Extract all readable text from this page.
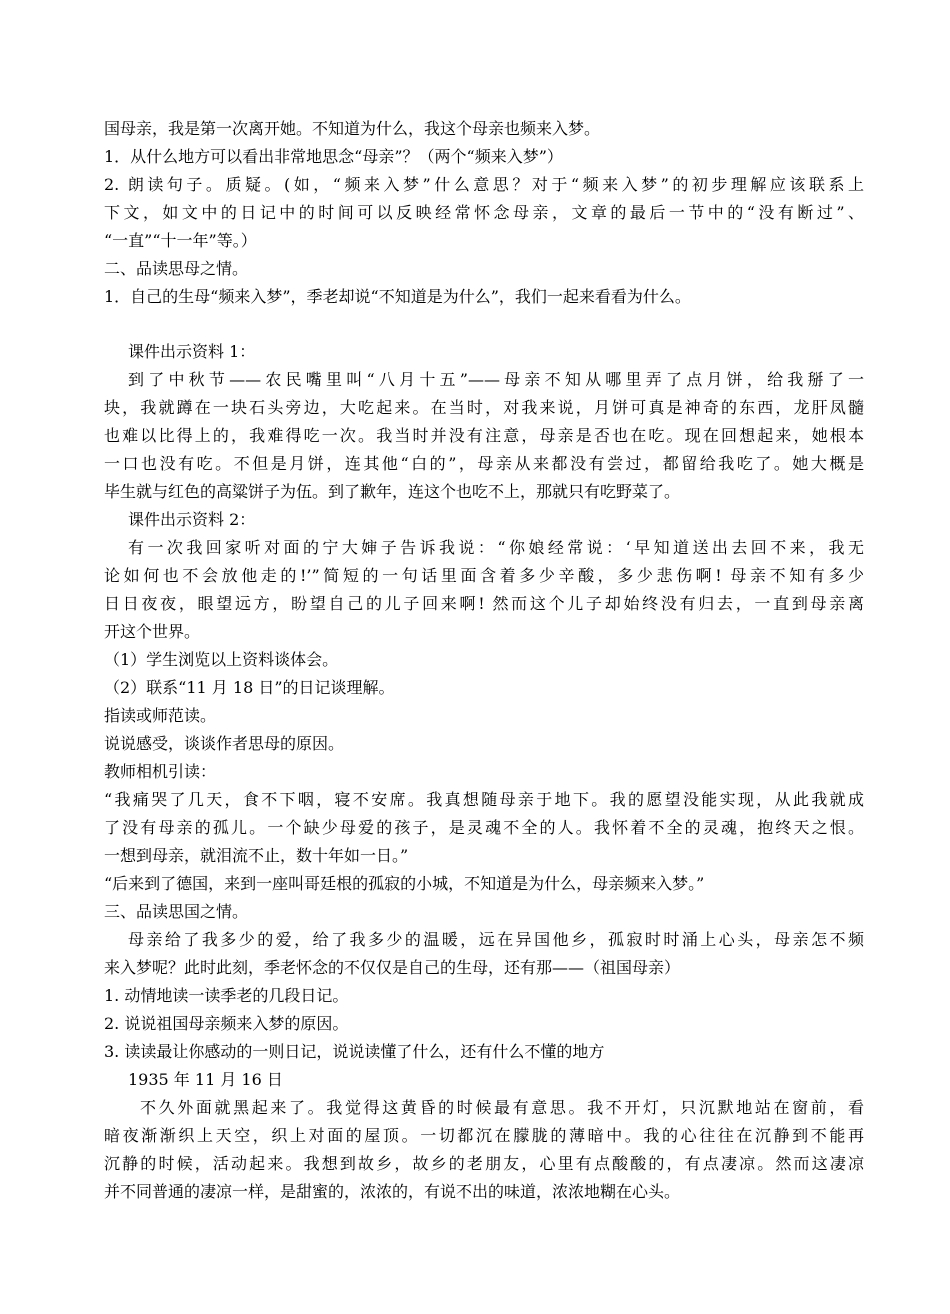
国母亲，我是第一次离开她。不知道为什么，我这个母亲也频来入梦。
1．从什么地方可以看出非常地思念“母亲”？（两个“频来入梦”）
2. 朗读句子。质疑。(如，“频来入梦”什么意思？对于“频来入梦”的初步理解应该联系上
下文，如文中的日记中的时间可以反映经常怀念母亲，文章的最后一节中的“没有断过”、
“一直”“十一年”等。）
二、品读思母之情。
1．自己的生母“频来入梦”，季老却说“不知道是为什么”，我们一起来看看为什么。
课件出示资料 1：
到了中秋节——农民嘴里叫“八月十五”——母亲不知从哪里弄了点月饼，给我掰了一
块，我就蹲在一块石头旁边，大吃起来。在当时，对我来说，月饼可真是神奇的东西，龙肝凤髓
也难以比得上的，我难得吃一次。我当时并没有注意，母亲是否也在吃。现在回想起来，她根本
一口也没有吃。不但是月饼，连其他“白的”，母亲从来都没有尝过，都留给我吃了。她大概是
毕生就与红色的高粱饼子为伍。到了歉年，连这个也吃不上，那就只有吃野菜了。
课件出示资料 2：
有一次我回家听对面的宁大婶子告诉我说：“你娘经常说：‘早知道送出去回不来，我无
论如何也不会放他走的!’”简短的一句话里面含着多少辛酸，多少悲伤啊! 母亲不知有多少
日日夜夜，眼望远方，盼望自己的儿子回来啊! 然而这个儿子却始终没有归去，一直到母亲离
开这个世界。
（1）学生浏览以上资料谈体会。
（2）联系“11 月 18 日”的日记谈理解。
指读或师范读。
说说感受，谈谈作者思母的原因。
教师相机引读：
“我痛哭了几天，食不下咽，寝不安席。我真想随母亲于地下。我的愿望没能实现，从此我就成
了没有母亲的孤儿。一个缺少母爱的孩子，是灵魂不全的人。我怀着不全的灵魂，抱终天之恨。
一想到母亲，就泪流不止，数十年如一日。”
“后来到了德国，来到一座叫哥廷根的孤寂的小城，不知道是为什么，母亲频来入梦。”
三、品读思国之情。
母亲给了我多少的爱，给了我多少的温暖，远在异国他乡，孤寂时时涌上心头，母亲怎不频
来入梦呢？此时此刻，季老怀念的不仅仅是自己的生母，还有那——（祖国母亲）
1. 动情地读一读季老的几段日记。
2. 说说祖国母亲频来入梦的原因。
3. 读读最让你感动的一则日记，说说读懂了什么，还有什么不懂的地方
1935 年 11 月 16 日
不久外面就黑起来了。我觉得这黄昏的时候最有意思。我不开灯，只沉默地站在窗前，看
暗夜渐渐织上天空，织上对面的屋顶。一切都沉在朦胧的薄暗中。我的心往往在沉静到不能再
沉静的时候，活动起来。我想到故乡，故乡的老朋友，心里有点酸酸的，有点凄凉。然而这凄凉
并不同普通的凄凉一样，是甜蜜的，浓浓的，有说不出的味道，浓浓地糊在心头。
